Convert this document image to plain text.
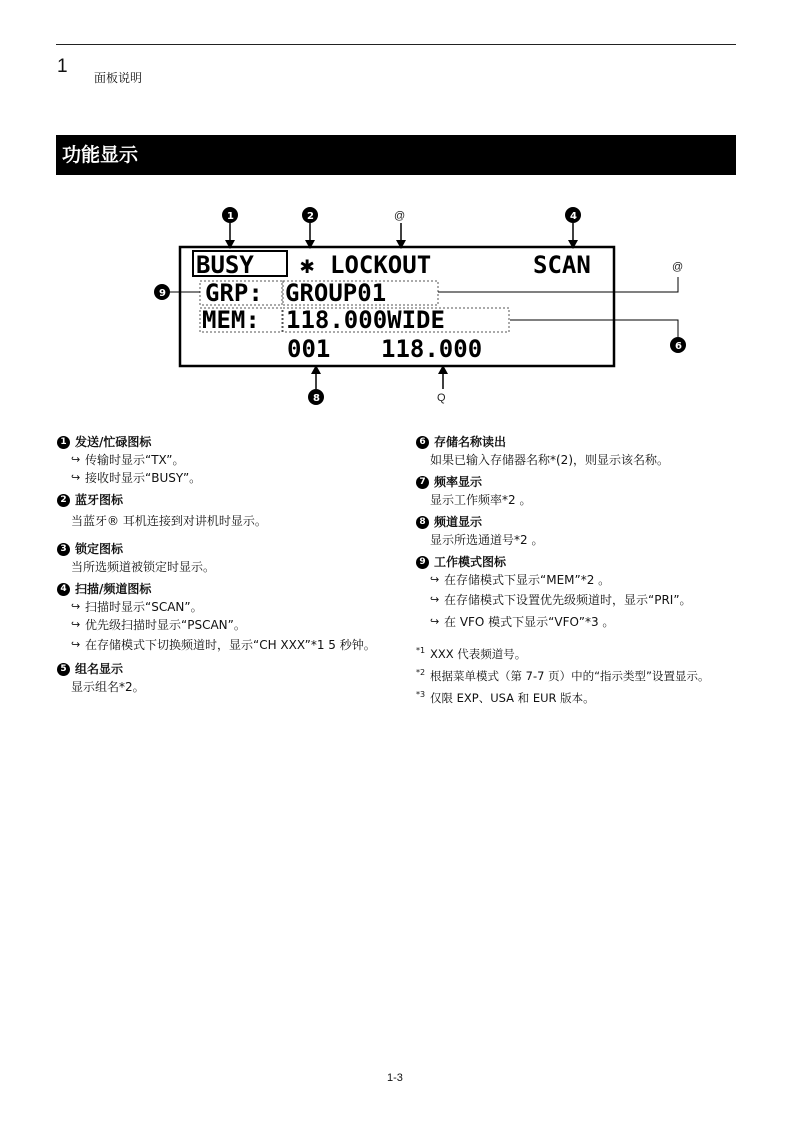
1
面板说明
功能显示
BUSY ✱ LOCKOUT	SCAN
GRP: GROUP01
MEM: 118.000WIDE
001 118.000
1	2	@	4
@
6
8	Q
9
1 发送/忙碌图标
↪ 传输时显示“TX”。
↪ 接收时显示“BUSY”。
2 蓝牙图标
当蓝牙® 耳机连接到对讲机时显示。
3 锁定图标
当所选频道被锁定时显示。
4 扫描/频道图标
↪ 扫描时显示“SCAN”。
↪ 优先级扫描时显示“PSCAN”。
↪ 在存储模式下切换频道时，显示“CH XXX”*1 5 秒钟。
5 组名显示
显示组名*2。
6 存储名称读出
如果已输入存储器名称*(2)，则显示该名称。
7 频率显示
显示工作频率*2 。
8 频道显示
显示所选通道号*2 。
9 工作模式图标
↪ 在存储模式下显示“MEM”*2 。
↪ 在存储模式下设置优先级频道时，显示“PRI”。
↪ 在 VFO 模式下显示“VFO”*3 。
*1 XXX 代表频道号。
*2 根据菜单模式（第 7-7 页）中的“指示类型”设置显示。
*3 仅限 EXP、USA 和 EUR 版本。
1-3
